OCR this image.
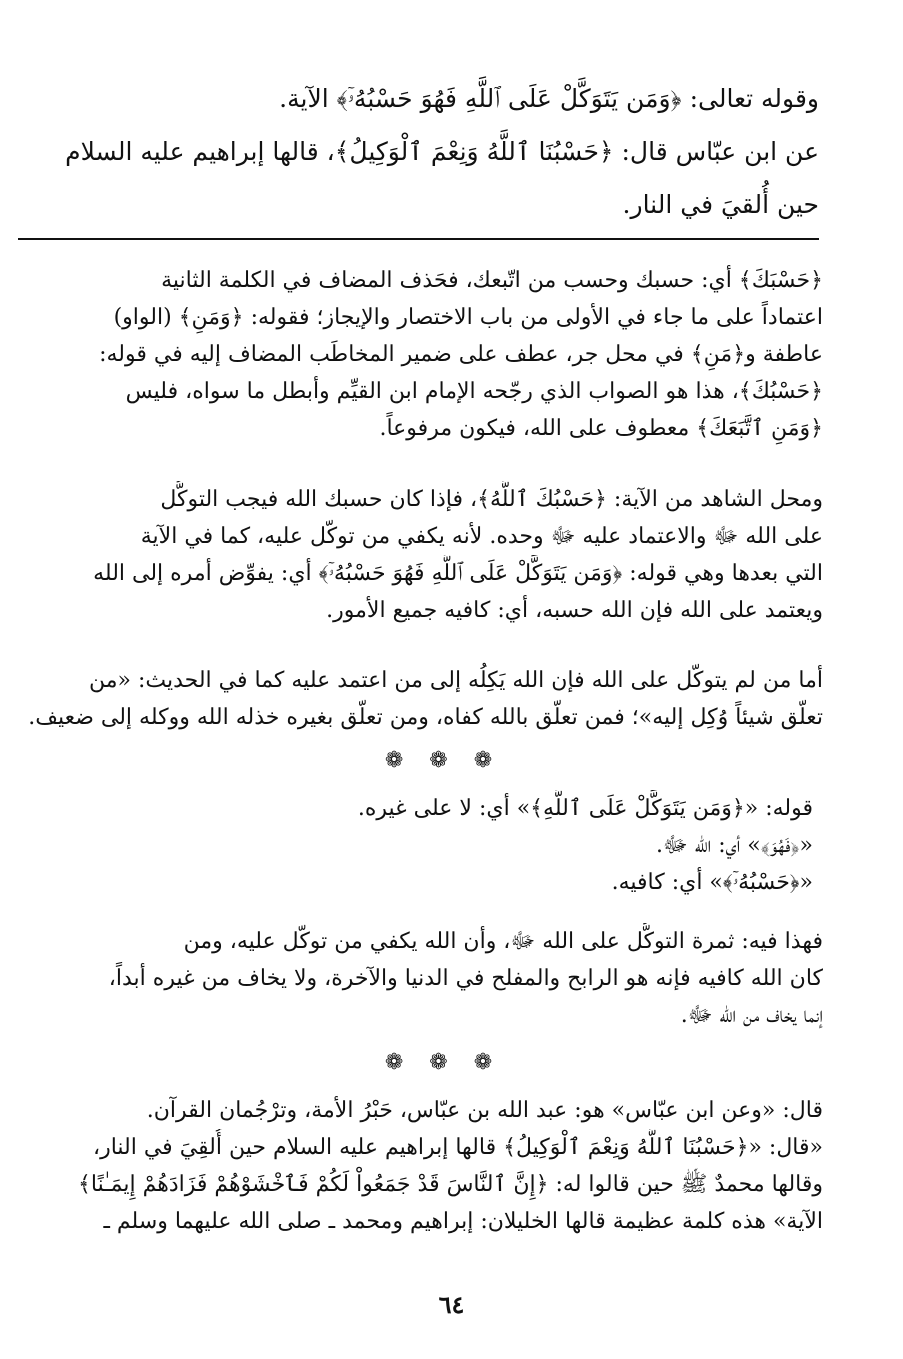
وقوله تعالى: ﴿وَمَن يَتَوَكَّلْ عَلَى ٱللَّهِ فَهُوَ حَسْبُهُۥٓ﴾ الآية.
عن ابن عبّاس قال: ﴿حَسْبُنَا ٱللَّهُ وَنِعْمَ ٱلْوَكِيلُ﴾، قالها إبراهيم عليه السلام
حين أُلقيَ في النار.
﴿حَسْبَكَ﴾ أي: حسبك وحسب من اتّبعك، فحَذف المضاف في الكلمة الثانية
اعتماداً على ما جاء في الأولى من باب الاختصار والإيجاز؛ فقوله: ﴿وَمَنِ﴾ (الواو)
عاطفة و﴿مَنِ﴾ في محل جر، عطف على ضمير المخاطَب المضاف إليه في قوله:
﴿حَسْبُكَ﴾، هذا هو الصواب الذي رجّحه الإمام ابن القيِّم وأبطل ما سواه، فليس
﴿وَمَنِ ٱتَّبَعَكَ﴾ معطوف على الله، فيكون مرفوعاً.
ومحل الشاهد من الآية: ﴿حَسْبُكَ ٱللَّهُ﴾، فإذا كان حسبك الله فيجب التوكُّل
على الله ﷻ والاعتماد عليه ﷻ وحده. لأنه يكفي من توكّل عليه، كما في الآية
التي بعدها وهي قوله: ﴿وَمَن يَتَوَكَّلْ عَلَى ٱللَّهِ فَهُوَ حَسْبُهُۥٓ﴾ أي: يفوِّض أمره إلى الله
ويعتمد على الله فإن الله حسبه، أي: كافيه جميع الأمور.
أما من لم يتوكّل على الله فإن الله يَكِلُه إلى من اعتمد عليه كما في الحديث: «من
تعلّق شيئاً وُكِل إليه»؛ فمن تعلّق بالله كفاه، ومن تعلّق بغيره خذله الله ووكله إلى ضعيف.
❁❁❁
قوله: «﴿وَمَن يَتَوَكَّلْ عَلَى ٱللَّهِ﴾» أي: لا على غيره.
«﴿فَهُوَ﴾» أي: الله ﷻ.
«﴿حَسْبُهُۥٓ﴾» أي: كافيه.
فهذا فيه: ثمرة التوكُّل على الله ﷻ، وأن الله يكفي من توكّل عليه، ومن
كان الله كافيه فإنه هو الرابح والمفلح في الدنيا والآخرة، ولا يخاف من غيره أبداً،
إنما يخاف من الله ﷻ.
❁❁❁
قال: «وعن ابن عبّاس» هو: عبد الله بن عبّاس، حَبْرُ الأمة، وترْجُمان القرآن.
«قال: «﴿حَسْبُنَا ٱللَّهُ وَنِعْمَ ٱلْوَكِيلُ﴾ قالها إبراهيم عليه السلام حين أُلقِيَ في النار،
وقالها محمدٌ ﷺ حين قالوا له: ﴿إِنَّ ٱلنَّاسَ قَدْ جَمَعُواْ لَكُمْ فَٱخْشَوْهُمْ فَزَادَهُمْ إِيمَـٰنًا﴾
الآية» هذه كلمة عظيمة قالها الخليلان: إبراهيم ومحمد ـ صلى الله عليهما وسلم ـ
٦٤
